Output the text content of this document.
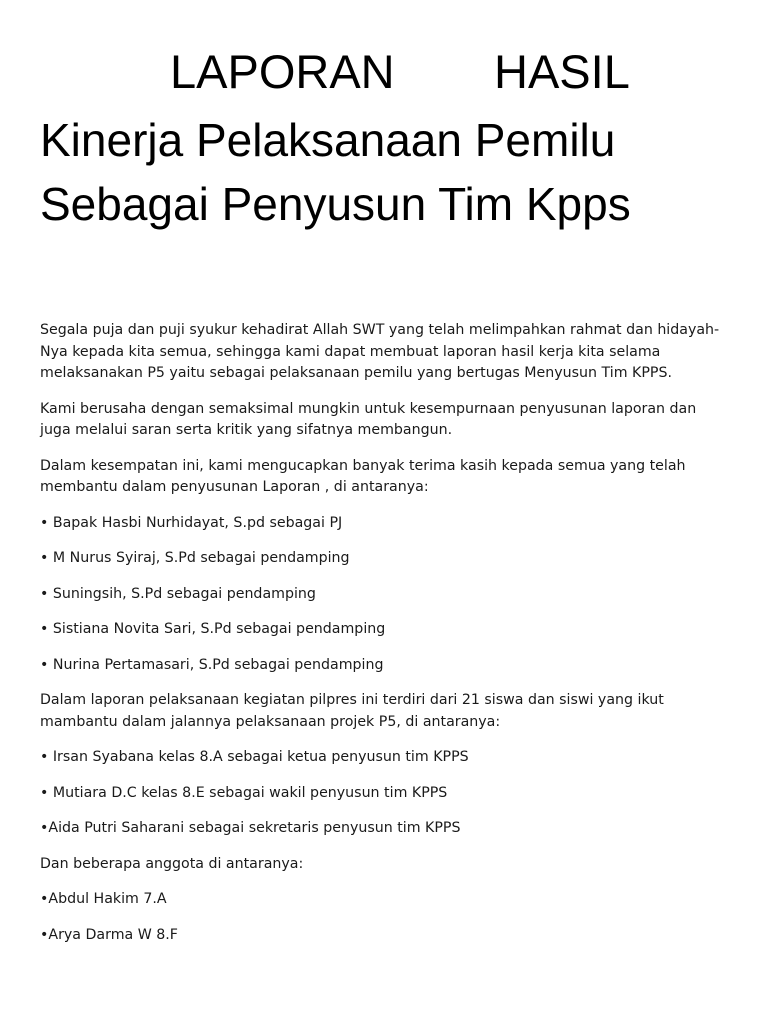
LAPORAN HASIL
Kinerja Pelaksanaan Pemilu
Sebagai Penyusun Tim Kpps

Segala puja dan puji syukur kehadirat Allah SWT yang telah melimpahkan rahmat dan hidayah-Nya kepada kita semua, sehingga kami dapat membuat laporan hasil kerja kita selama melaksanakan P5 yaitu sebagai pelaksanaan pemilu yang bertugas Menyusun Tim KPPS.

Kami berusaha dengan semaksimal mungkin untuk kesempurnaan penyusunan laporan dan juga melalui saran serta kritik yang sifatnya membangun.

Dalam kesempatan ini, kami mengucapkan banyak terima kasih kepada semua yang telah membantu dalam penyusunan Laporan , di antaranya:

• Bapak Hasbi Nurhidayat, S.pd sebagai PJ

• M Nurus Syiraj, S.Pd sebagai pendamping

• Suningsih, S.Pd sebagai pendamping

• Sistiana Novita Sari, S.Pd sebagai pendamping

• Nurina Pertamasari, S.Pd sebagai pendamping

Dalam laporan pelaksanaan kegiatan pilpres ini terdiri dari 21 siswa dan siswi yang ikut mambantu dalam jalannya pelaksanaan projek P5, di antaranya:

• Irsan Syabana kelas 8.A sebagai ketua penyusun tim KPPS

• Mutiara D.C kelas 8.E sebagai wakil penyusun tim KPPS

•Aida Putri Saharani sebagai sekretaris penyusun tim KPPS

Dan beberapa anggota di antaranya:

•Abdul Hakim 7.A

•Arya Darma W 8.F
